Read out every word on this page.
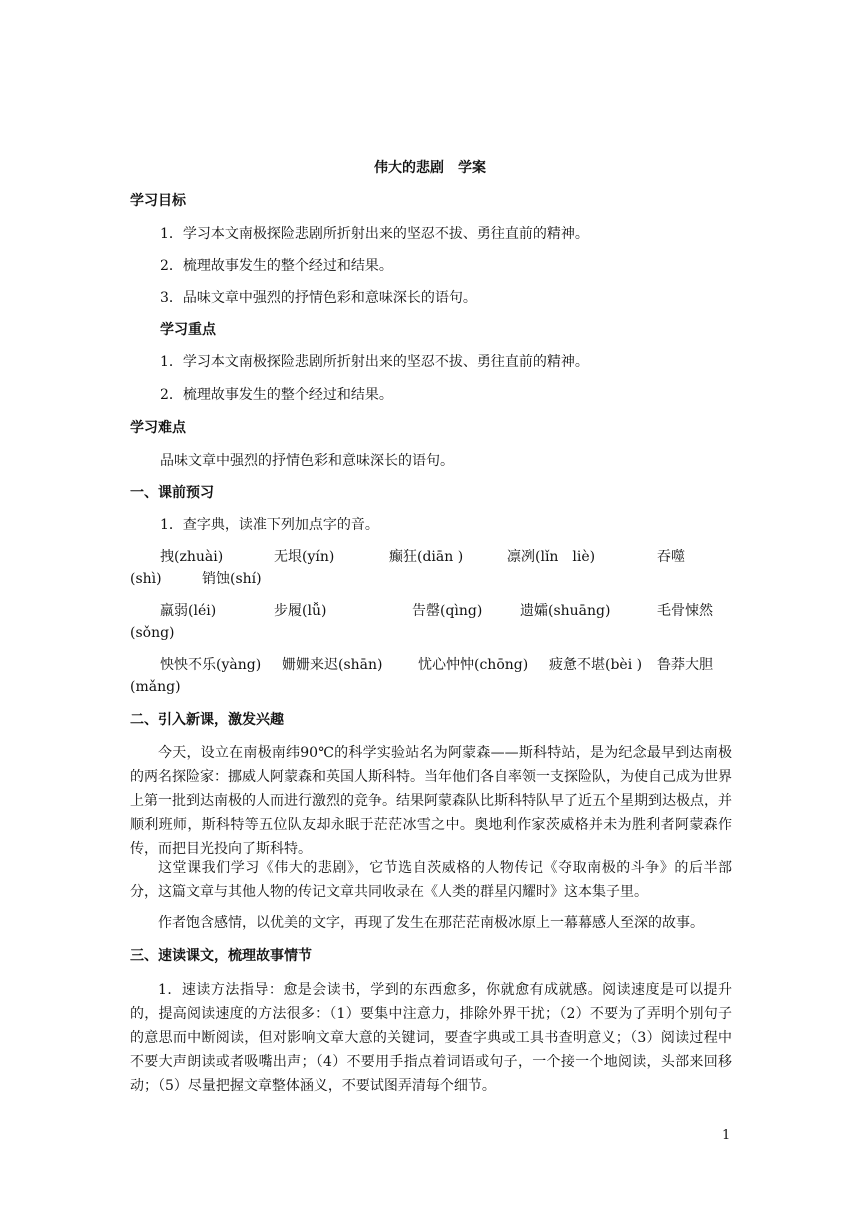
伟大的悲剧　学案
学习目标
1．学习本文南极探险悲剧所折射出来的坚忍不拔、勇往直前的精神。
2．梳理故事发生的整个经过和结果。
3．品味文章中强烈的抒情色彩和意味深长的语句。
学习重点
1．学习本文南极探险悲剧所折射出来的坚忍不拔、勇往直前的精神。
2．梳理故事发生的整个经过和结果。
学习难点
品味文章中强烈的抒情色彩和意味深长的语句。
一、课前预习
1．查字典，读准下列加点字的音。
拽(zhuài)	无垠(yín)	癫狂(diān )	凛冽(lǐn　liè)	吞噬
(shì)	销蚀(shí)
羸弱(léi)	步履(lǚ)	告罄(qìng)	遗孀(shuāng)	毛骨悚然
(sǒng)
怏怏不乐(yàng) 姗姗来迟(shān)	忧心忡忡(chōng) 疲惫不堪(bèi ) 鲁莽大胆
(mǎng)
二、引入新课，激发兴趣
今天，设立在南极南纬90℃的科学实验站名为阿蒙森——斯科特站，是为纪念最早到达南极的两名探险家：挪威人阿蒙森和英国人斯科特。当年他们各自率领一支探险队，为使自己成为世界上第一批到达南极的人而进行激烈的竞争。结果阿蒙森队比斯科特队早了近五个星期到达极点，并顺利班师，斯科特等五位队友却永眠于茫茫冰雪之中。奥地利作家茨威格并未为胜利者阿蒙森作传，而把目光投向了斯科特。
这堂课我们学习《伟大的悲剧》，它节选自茨威格的人物传记《夺取南极的斗争》的后半部分，这篇文章与其他人物的传记文章共同收录在《人类的群星闪耀时》这本集子里。
作者饱含感情，以优美的文字，再现了发生在那茫茫南极冰原上一幕幕感人至深的故事。
三、速读课文，梳理故事情节
1．速读方法指导：愈是会读书，学到的东西愈多，你就愈有成就感。阅读速度是可以提升的，提高阅读速度的方法很多：（1）要集中注意力，排除外界干扰；（2）不要为了弄明个别句子的意思而中断阅读，但对影响文章大意的关键词，要查字典或工具书查明意义；（3）阅读过程中不要大声朗读或者吸嘴出声；（4）不要用手指点着词语或句子，一个接一个地阅读，头部来回移动；（5）尽量把握文章整体涵义，不要试图弄清每个细节。
1
